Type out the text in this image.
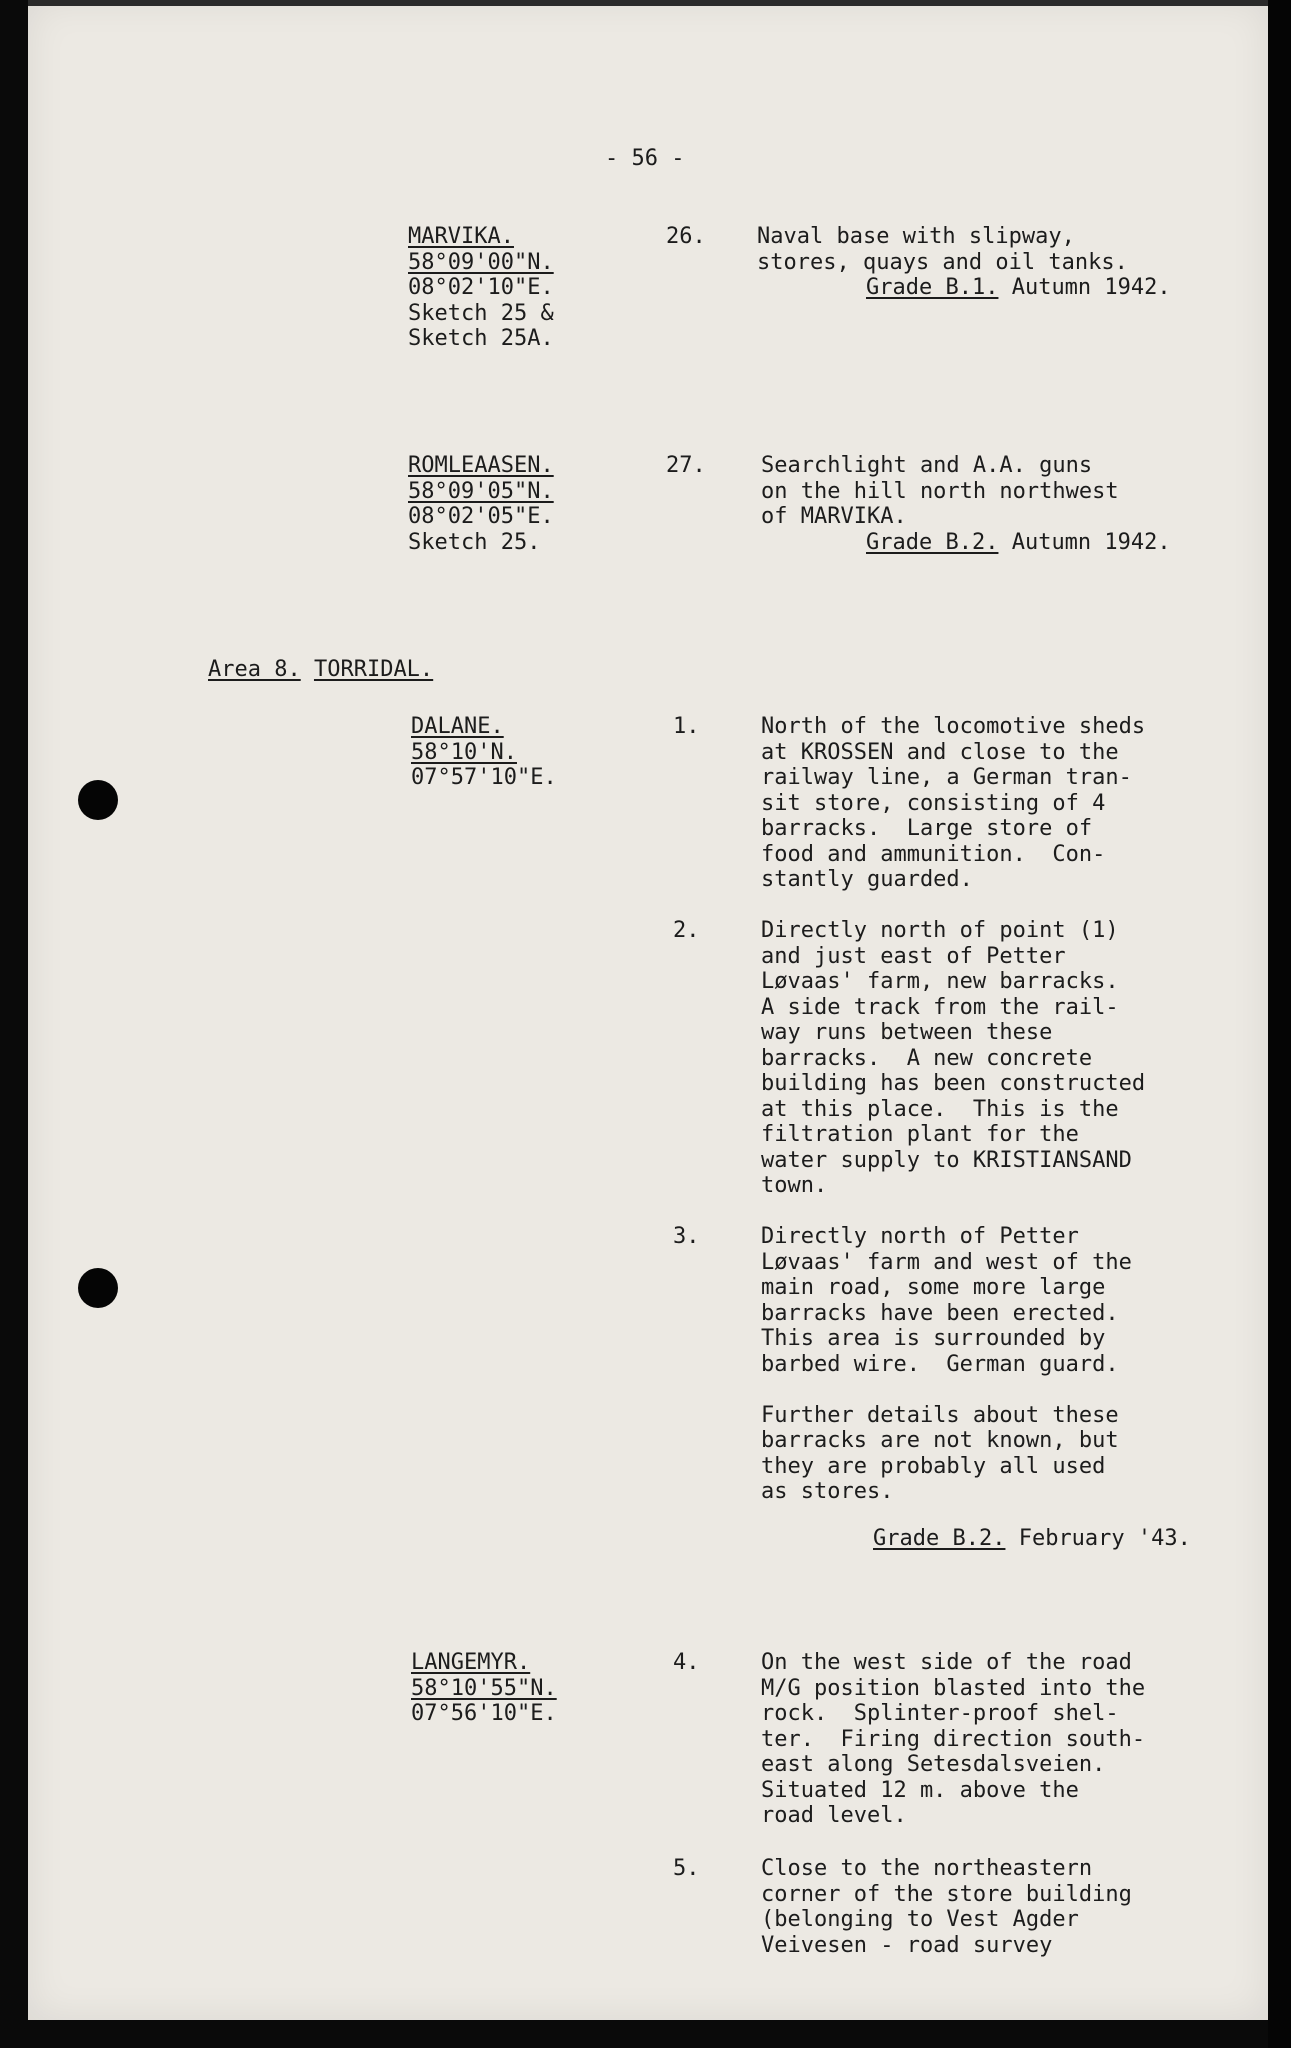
- 56 -
MARVIKA.
58°09'00"N.
08°02'10"E.
Sketch 25 &
Sketch 25A.
26. Naval base with slipway,
stores, quays and oil tanks.
Grade B.1. Autumn 1942.
ROMLEAASEN.
58°09'05"N.
08°02'05"E.
Sketch 25.
27.	Searchlight and A.A. guns
on the hill north northwest
of MARVIKA.
Grade B.2. Autumn 1942.
Area 8. TORRIDAL.
DALANE.
58°10'N.
07°57'10"E.
1.	North of the locomotive sheds
at KROSSEN and close to the
railway line, a German tran-
sit store, consisting of 4
barracks.  Large store of
food and ammunition.  Con-
stantly guarded.
2.	Directly north of point (1)
and just east of Petter
Løvaas' farm, new barracks.
A side track from the rail-
way runs between these
barracks.  A new concrete
building has been constructed
at this place.  This is the
filtration plant for the
water supply to KRISTIANSAND
town.
3.	Directly north of Petter
Løvaas' farm and west of the
main road, some more large
barracks have been erected.
This area is surrounded by
barbed wire.  German guard.
Further details about these
barracks are not known, but
they are probably all used
as stores.
Grade B.2. February '43.
LANGEMYR.
58°10'55"N.
07°56'10"E.
4.	On the west side of the road
M/G position blasted into the
rock.  Splinter-proof shel-
ter.  Firing direction south-
east along Setesdalsveien.
Situated 12 m. above the
road level.
5.	Close to the northeastern
corner of the store building
(belonging to Vest Agder
Veivesen - road survey
